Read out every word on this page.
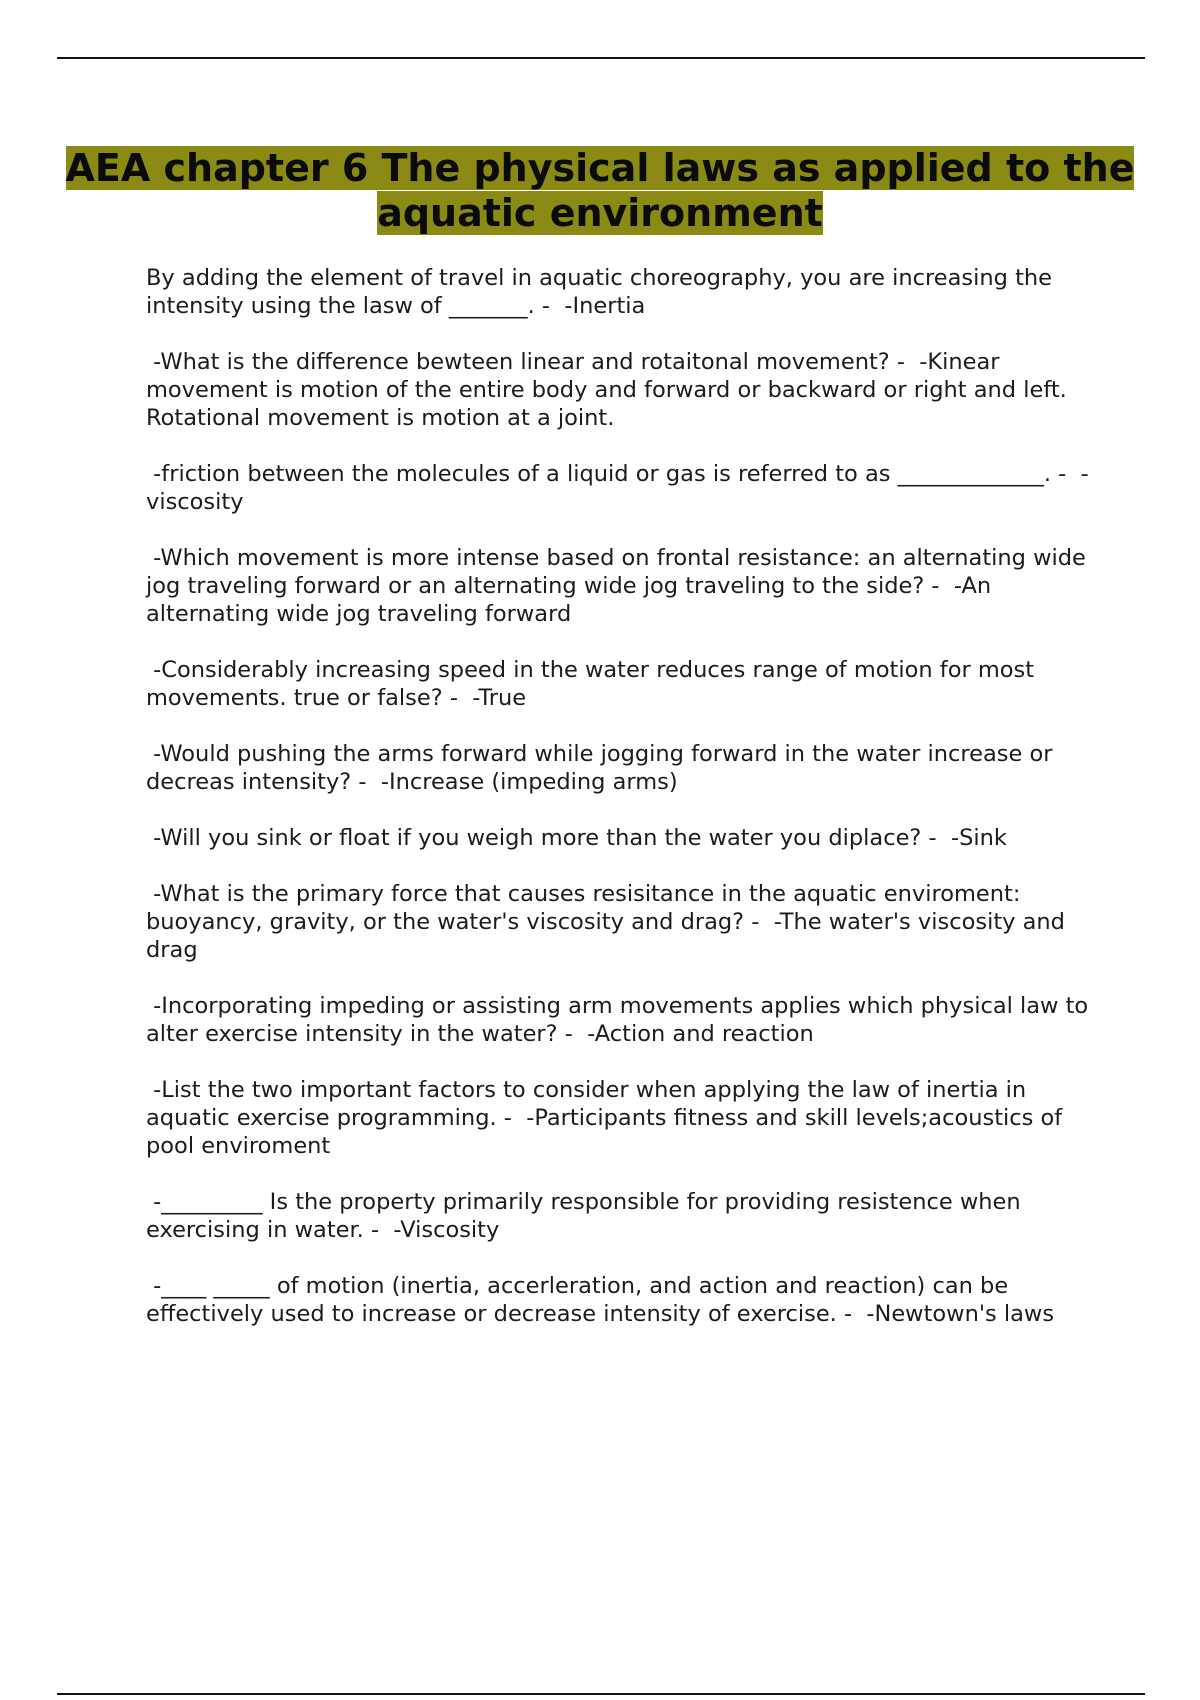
AEA chapter 6 The physical laws as applied to the aquatic environment

By adding the element of travel in aquatic choreography, you are increasing the intensity using the lasw of _______. -  -Inertia

-What is the difference bewteen linear and rotaitonal movement? -  -Kinear movement is motion of the entire body and forward or backward or right and left. Rotational movement is motion at a joint.

-friction between the molecules of a liquid or gas is referred to as _____________. -  -viscosity

-Which movement is more intense based on frontal resistance: an alternating wide jog traveling forward or an alternating wide jog traveling to the side? -  -An alternating wide jog traveling forward

-Considerably increasing speed in the water reduces range of motion for most movements. true or false? -  -True

-Would pushing the arms forward while jogging forward in the water increase or decreas intensity? -  -Increase (impeding arms)

-Will you sink or float if you weigh more than the water you diplace? -  -Sink

-What is the primary force that causes resisitance in the aquatic enviroment: buoyancy, gravity, or the water's viscosity and drag? -  -The water's viscosity and drag

-Incorporating impeding or assisting arm movements applies which physical law to alter exercise intensity in the water? -  -Action and reaction

-List the two important factors to consider when applying the law of inertia in aquatic exercise programming. -  -Participants fitness and skill levels;acoustics of pool enviroment

-_________ Is the property primarily responsible for providing resistence when exercising in water. -  -Viscosity

-____ _____ of motion (inertia, accerleration, and action and reaction) can be effectively used to increase or decrease intensity of exercise. -  -Newtown's laws
